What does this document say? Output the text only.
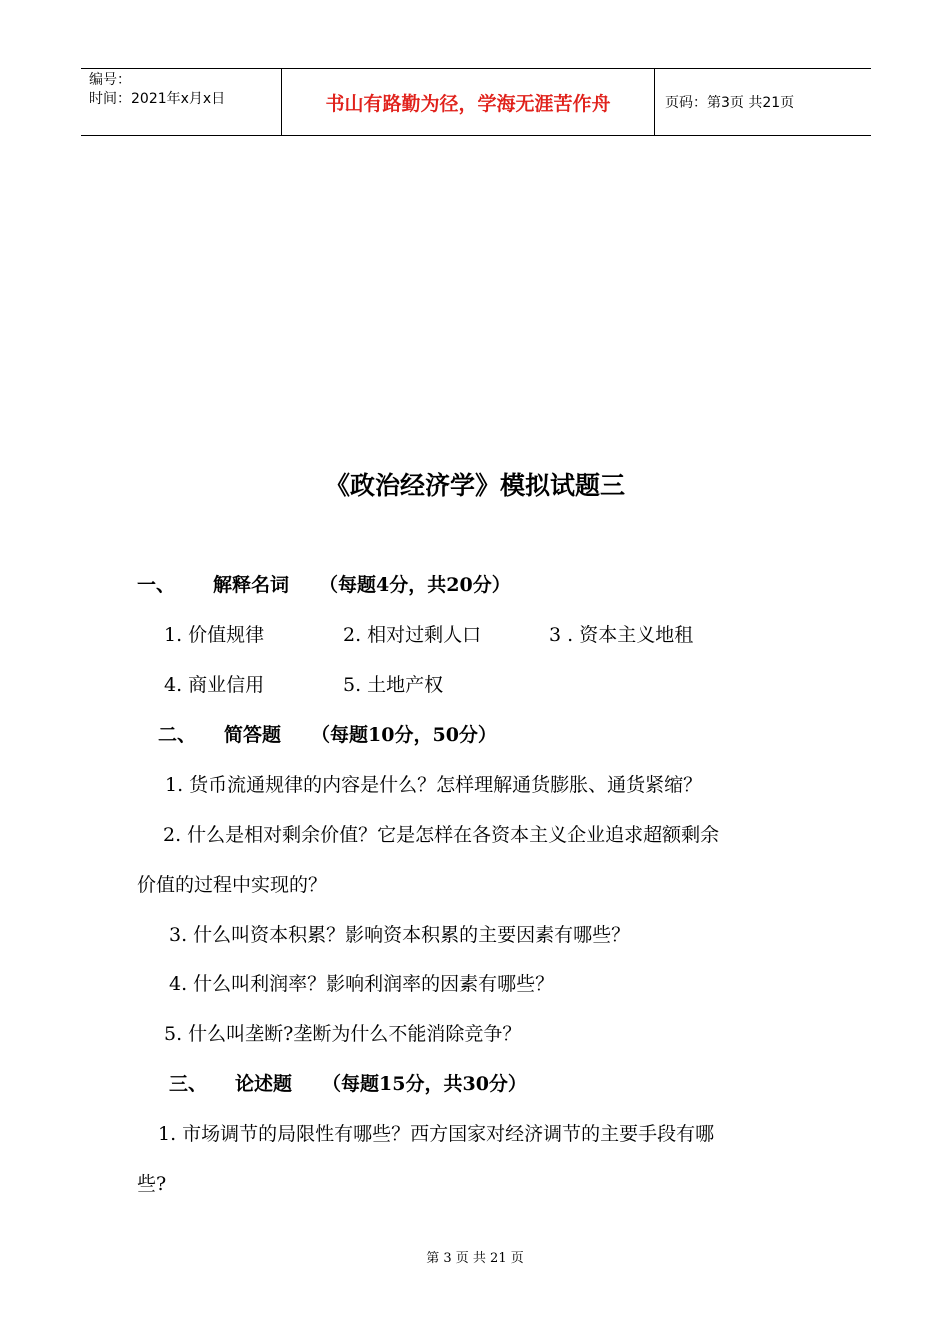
编号：
时间：2021年x月x日	书山有路勤为径，学海无涯苦作舟	页码：第3页 共21页
《政治经济学》模拟试题三
一、 解释名词 （每题4分，共20分）
1. 价值规律	2. 相对过剩人口	3 . 资本主义地租
4. 商业信用	5. 土地产权
二、 简答题 （每题10分，50分）
1. 货币流通规律的内容是什么？怎样理解通货膨胀、通货紧缩？
2. 什么是相对剩余价值？它是怎样在各资本主义企业追求超额剩余
价值的过程中实现的？
3. 什么叫资本积累？影响资本积累的主要因素有哪些？
4. 什么叫利润率？影响利润率的因素有哪些？
5. 什么叫垄断?垄断为什么不能消除竞争？
三、 论述题 （每题15分，共30分）
1. 市场调节的局限性有哪些？西方国家对经济调节的主要手段有哪
些?
第 3 页 共 21 页
